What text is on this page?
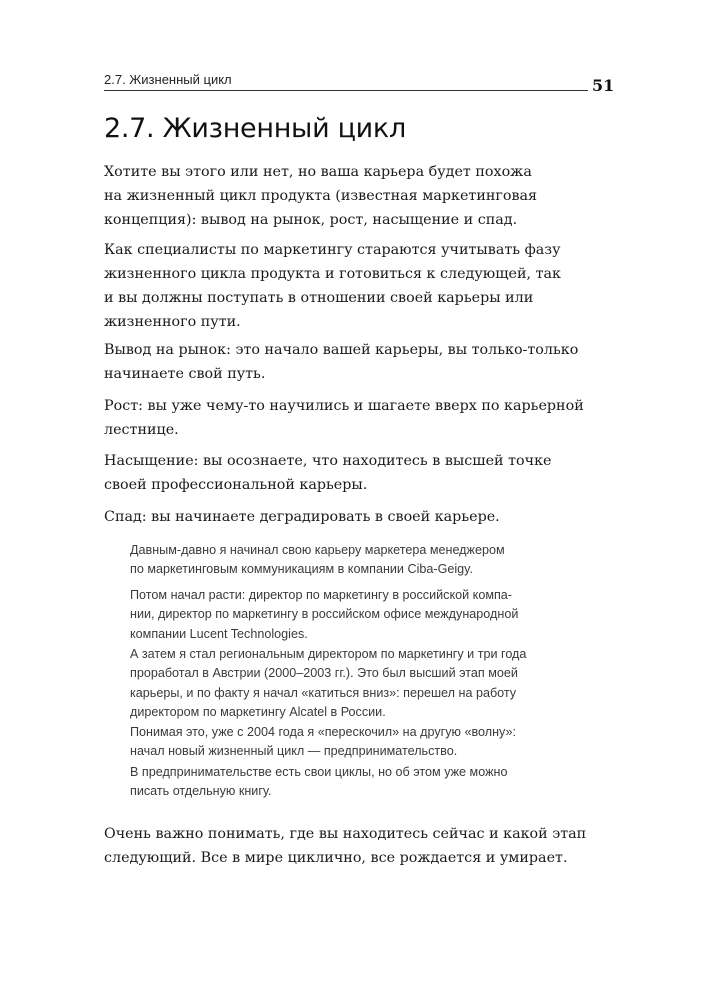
2.7. Жизненный цикл	51
2.7. Жизненный цикл

Хотите вы этого или нет, но ваша карьера будет похожа
на жизненный цикл продукта (известная маркетинговая
концепция): вывод на рынок, рост, насыщение и спад.

Как специалисты по маркетингу стараются учитывать фазу
жизненного цикла продукта и готовиться к следующей, так
и вы должны поступать в отношении своей карьеры или
жизненного пути.

Вывод на рынок: это начало вашей карьеры, вы только-только
начинаете свой путь.

Рост: вы уже чему-то научились и шагаете вверх по карьерной
лестнице.

Насыщение: вы осознаете, что находитесь в высшей точке
своей профессиональной карьеры.

Спад: вы начинаете деградировать в своей карьере.

Давным-давно я начинал свою карьеру маркетера менеджером
по маркетинговым коммуникациям в компании Ciba-Geigy.

Потом начал расти: директор по маркетингу в российской компа-
нии, директор по маркетингу в российском офисе международной
компании Lucent Technologies.

А затем я стал региональным директором по маркетингу и три года
проработал в Австрии (2000–2003 гг.). Это был высший этап моей
карьеры, и по факту я начал «катиться вниз»: перешел на работу
директором по маркетингу Alcatel в России.

Понимая это, уже с 2004 года я «перескочил» на другую «волну»:
начал новый жизненный цикл — предпринимательство.

В предпринимательстве есть свои циклы, но об этом уже можно
писать отдельную книгу.

Очень важно понимать, где вы находитесь сейчас и какой этап
следующий. Все в мире циклично, все рождается и умирает.
